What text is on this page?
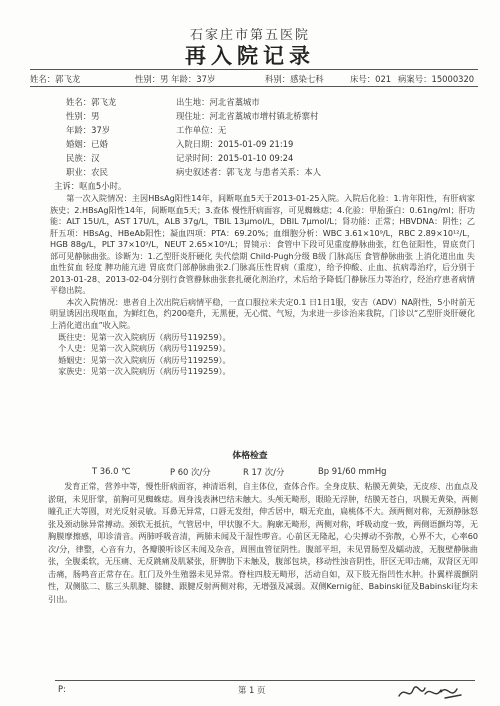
石家庄市第五医院
再入院记录
姓名：郭飞龙	性别：男 年龄：37岁	科别：感染七科	床号：021 病案号：15000320
姓名：郭飞龙	出生地：河北省藁城市
性别：男	现住址：河北省藁城市增村镇北桥寨村
年龄：37岁	工作单位：无
婚姻：已婚	入院日期：2015-01-09 21:19
民族：汉	记录时间：2015-01-10 09:24
职业：农民	病史叙述者：郭飞龙 与患者关系：本人
主诉：呕血5小时。

第一次入院情况：主因HBsAg阳性14年，间断呕血5天于2013-01-25入院。入院后化验：1.肯年阳性，有肝病家族史；2.HBsAg阳性14年，间断呕血5天；3.查体 慢性肝病面容，可见蜘蛛痣；4.化验：甲胎蛋白：0.61ng/ml；肝功能：ALT 15U/L，AST 17U/L，ALB 37g/L，TBIL 13μmol/L，DBIL 7μmol/L；肾功能：正常；HBVDNA：阴性；乙肝五项：HBsAg、HBeAb阳性；凝血四项：PTA：69.20%；血细胞分析：WBC 3.61×10⁹/L，RBC 2.89×10¹²/L，HGB 88g/L，PLT 37×10⁹/L，NEUT 2.65×10⁹/L；胃镜示：食管中下段可见重度静脉曲张，红色征阳性，胃底贲门部可见静脉曲张。诊断为：1.乙型肝炎肝硬化 失代偿期 Child-Pugh分级 B级 门脉高压 食管静脉曲张 上消化道出血 失血性贫血 轻度 脾功能亢进 胃底贲门部静脉曲张2.门脉高压性胃病（重度），给予抑酸、止血、抗病毒治疗，后分别于2013-01-28、2013-02-04分别行食管静脉曲张套扎硬化剂治疗，术后给予降低门静脉压力等治疗，经治疗患者病情平稳出院。

本次入院情况：患者自上次出院后病情平稳，一直口服拉米夫定0.1 日1日1服，安吉（ADV）NA附性，5小时前无明显诱因出现呕血，为鲜红色，约200毫升，无黑便，无心慌、气短，为求进一步诊治来我院，门诊以“乙型肝炎肝硬化 上消化道出血”收入院。

既往史：见第一次入院病历（病历号119259）。

个人史：见第一次入院病历（病历号119259）。

婚姻史：见第一次入院病历（病历号119259）。

家族史：见第一次入院病历（病历号119259）。

体格检查
T 36.0 ℃	P 60 次/分	R 17 次/分	Bp 91/60 mmHg

发育正常，营养中等，慢性肝病面容，神清语利，自主体位，查体合作。全身皮肤、粘膜无黄染，无皮疹、出血点及淤斑，未见肝掌，前胸可见蜘蛛痣。周身浅表淋巴结未触大。头颅无畸形，眼睑无浮肿，结膜无苍白，巩膜无黄染，两侧瞳孔正大等圆，对光反射灵敏。耳鼻无异常，口唇无发绀，伸舌居中，咽无充血，扁桃体不大。颈两侧对称，无颈静脉怒张及颈动脉异常搏动。颈软无抵抗，气管居中，甲状腺不大。胸廓无畸形，两侧对称，呼吸动度一致，两侧语颤均等，无胸膜摩擦感，叩诊清音。两肺呼吸音清，两肺未闻及干湿性啰音。心前区无隆起，心尖搏动不弥散，心界不大，心率60次/分，律整，心音有力，各瓣膜听诊区未闻及杂音，周围血管征阴性。腹部平坦，未见胃肠型及蠕动波，无腹壁静脉曲张，全腹柔软，无压痛、无反跳痛及肌紧张，肝脾肋下未触及，腹部包块，移动性浊音阴性，肝区无叩击痛，双肾区无叩击痛，肠鸣音正常存在。肛门及外生殖器未见异常。脊柱四肢无畸形，活动自如，双下肢无指凹性水肿。扑翼样震颤阴性，双侧肱二、肱三头肌腱、膝腱、跟腱反射两侧对称，无增强及减弱。双侧Kernig征、Babinski征及Babinski征均未引出。

P:	第 1 页
